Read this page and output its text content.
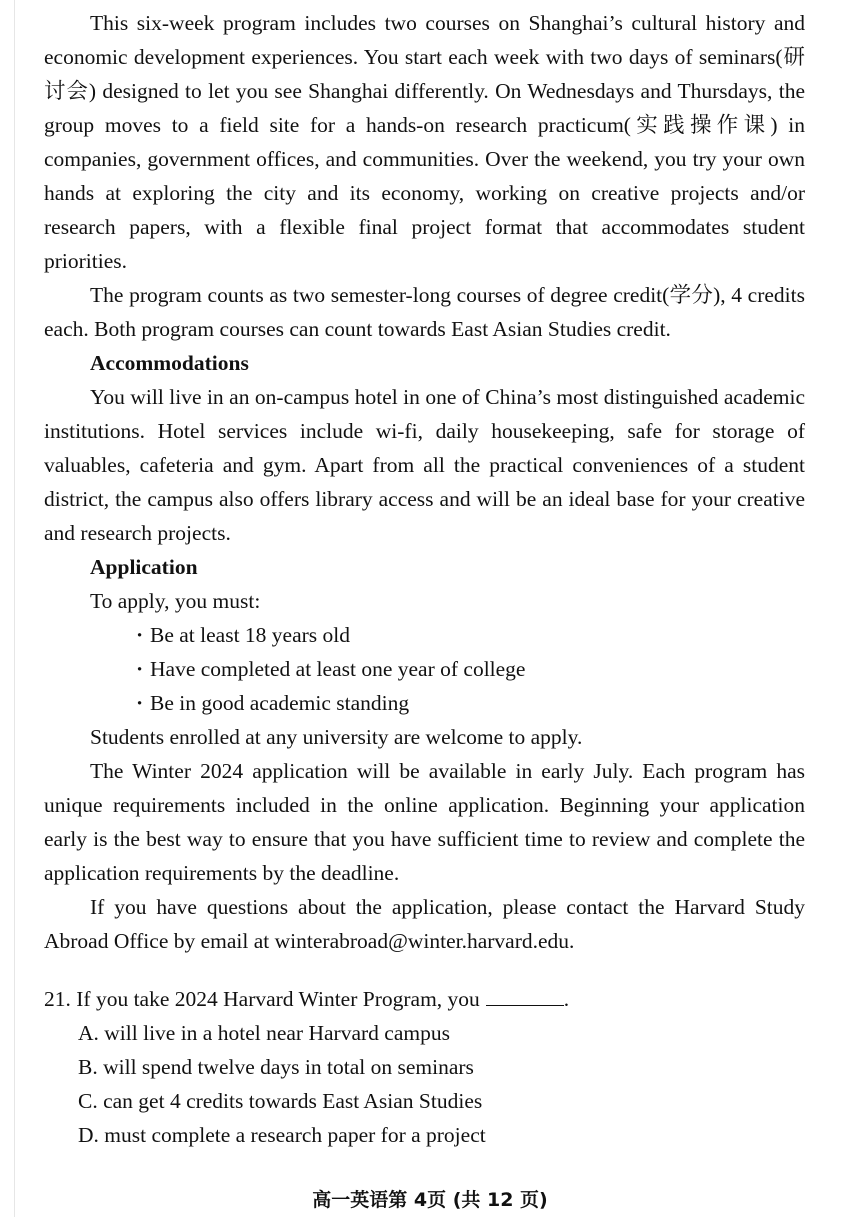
This six-week program includes two courses on Shanghai’s cultural history and economic development experiences. You start each week with two days of seminars(研讨会) designed to let you see Shanghai differently. On Wednesdays and Thursdays, the group moves to a field site for a hands-on research practicum(实践操作课) in companies, government offices, and communities. Over the weekend, you try your own hands at exploring the city and its economy, working on creative projects and/or research papers, with a flexible final project format that accommodates student priorities.

The program counts as two semester-long courses of degree credit(学分), 4 credits each. Both program courses can count towards East Asian Studies credit.

Accommodations

You will live in an on-campus hotel in one of China’s most distinguished academic institutions. Hotel services include wi-fi, daily housekeeping, safe for storage of valuables, cafeteria and gym. Apart from all the practical conveniences of a student district, the campus also offers library access and will be an ideal base for your creative and research projects.

Application

To apply, you must:

· Be at least 18 years old
· Have completed at least one year of college
· Be in good academic standing

Students enrolled at any university are welcome to apply.

The Winter 2024 application will be available in early July. Each program has unique requirements included in the online application. Beginning your application early is the best way to ensure that you have sufficient time to review and complete the application requirements by the deadline.

If you have questions about the application, please contact the Harvard Study Abroad Office by email at winterabroad@winter.harvard.edu.

21. If you take 2024 Harvard Winter Program, you	.

A. will live in a hotel near Harvard campus

B. will spend twelve days in total on seminars

C. can get 4 credits towards East Asian Studies

D. must complete a research paper for a project

高一英语第 4页 (共 12 页)
